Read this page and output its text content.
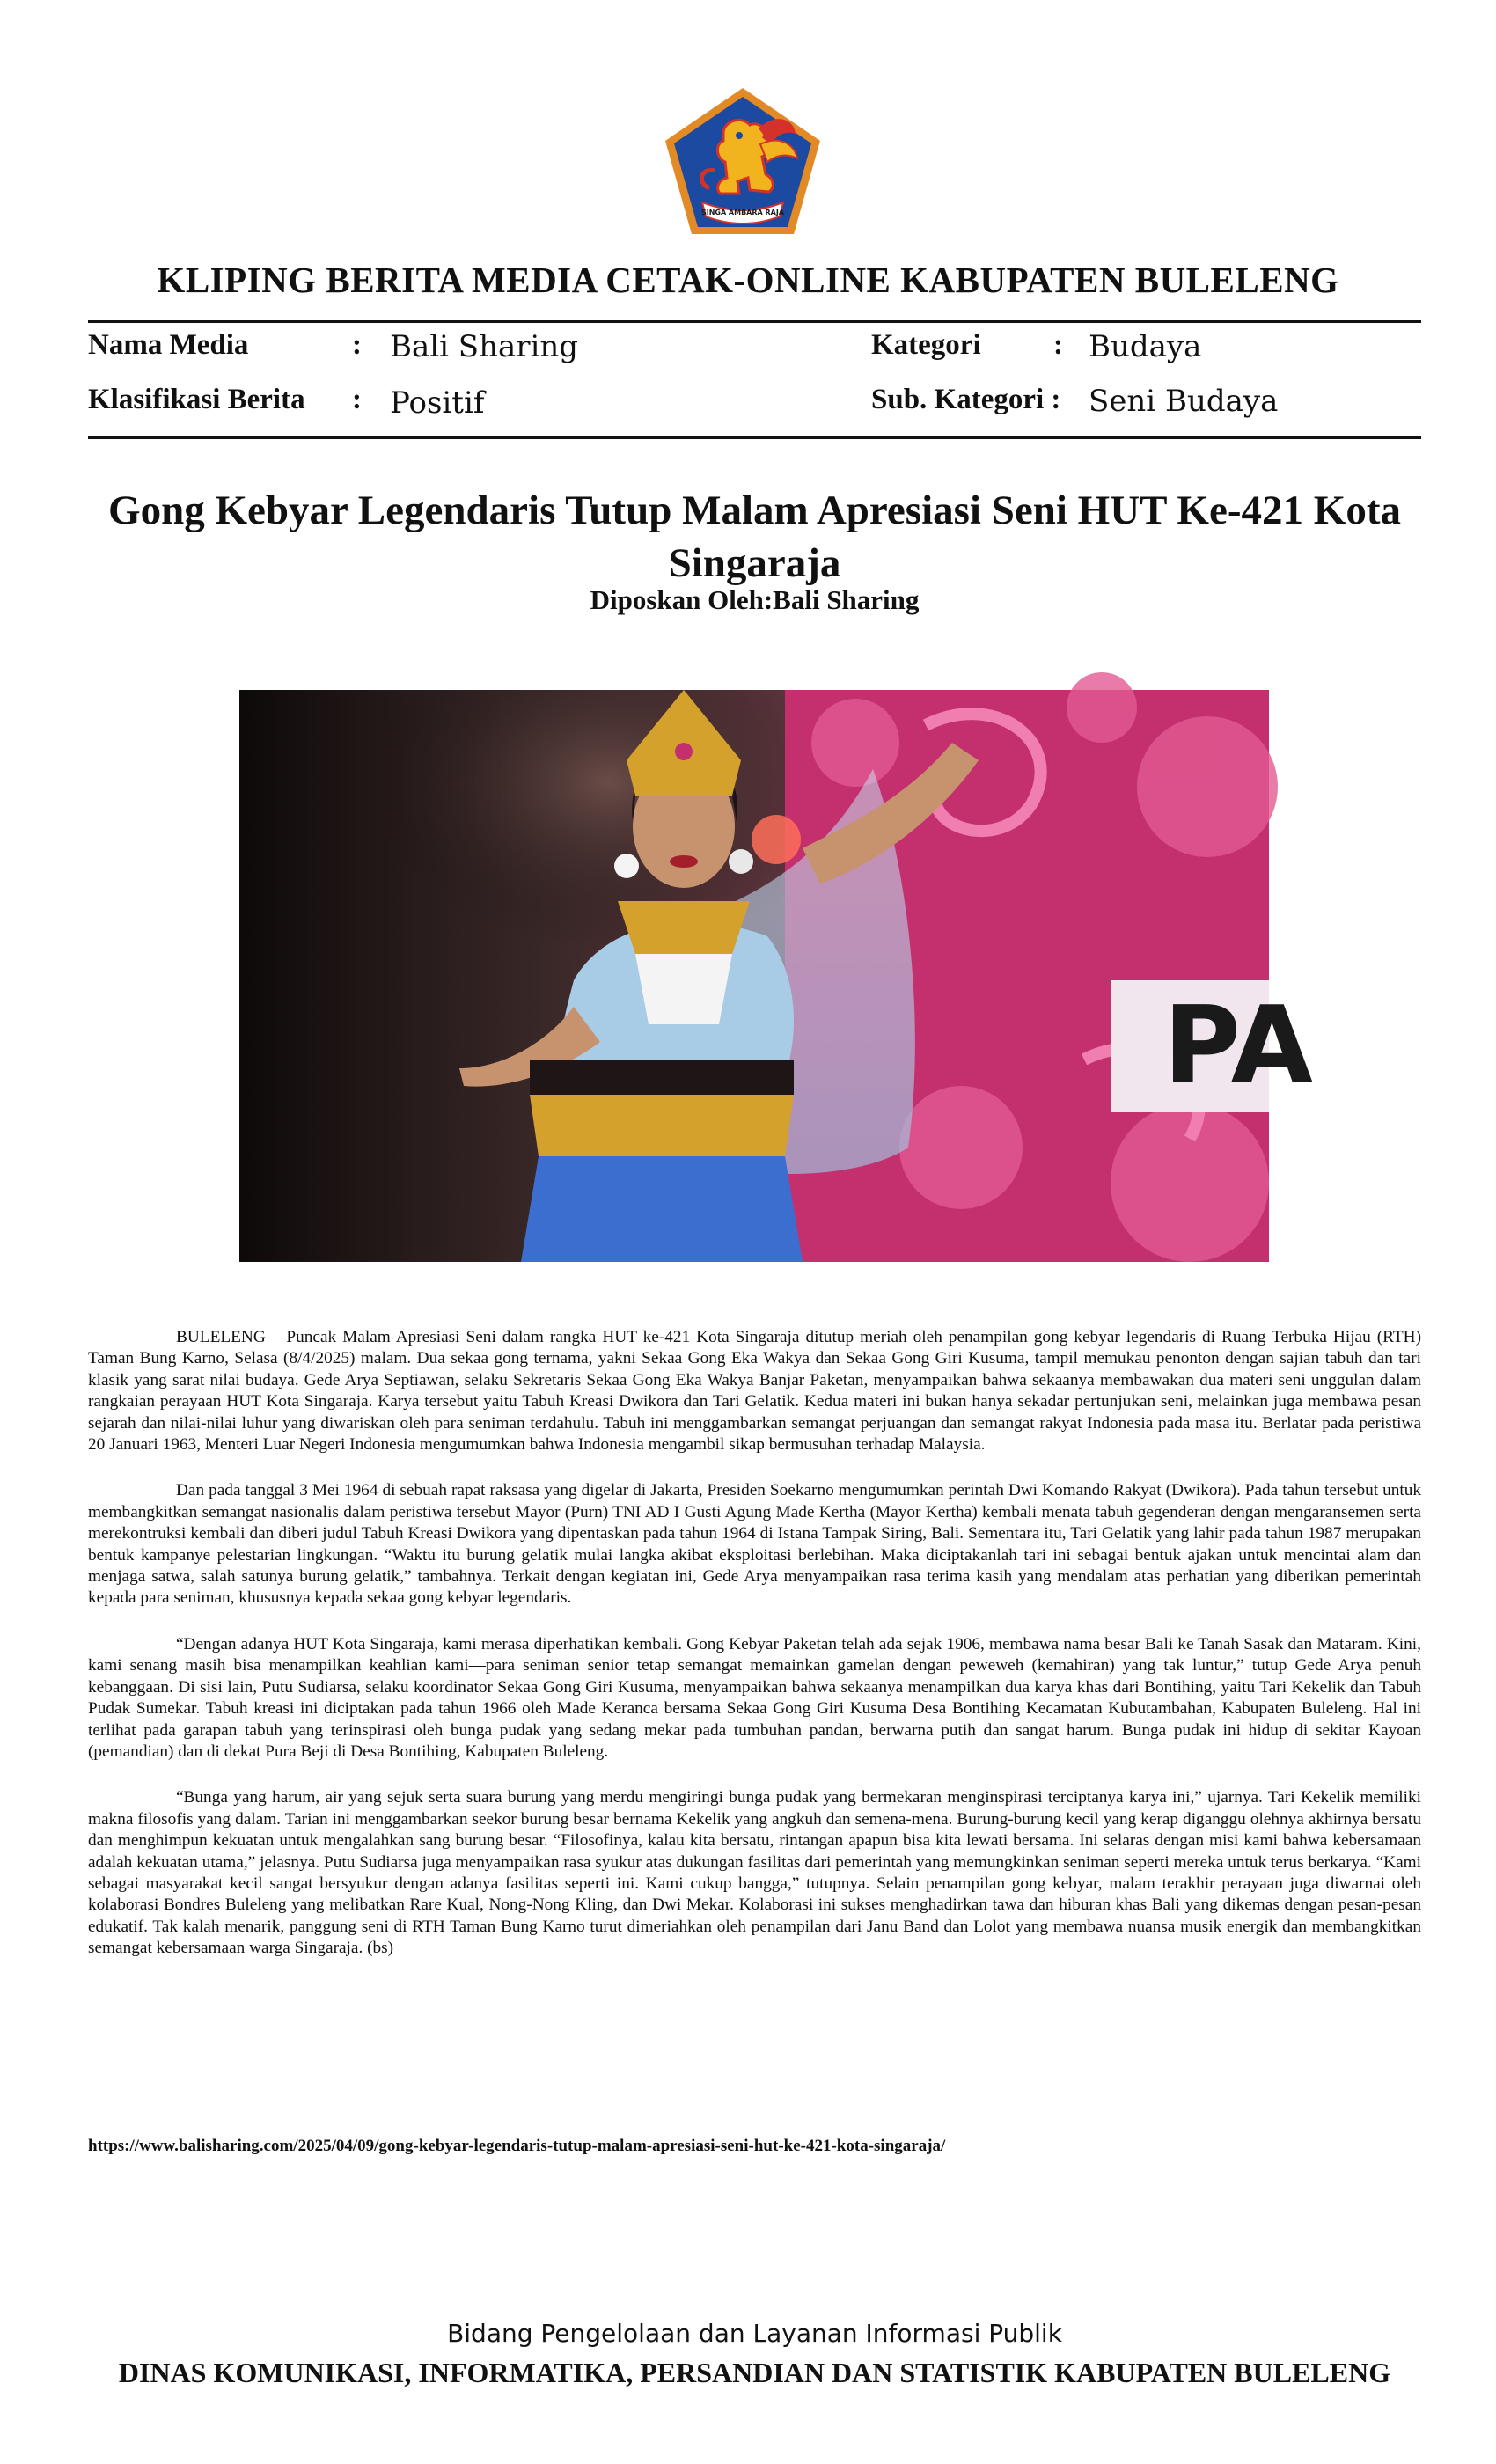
SINGA AMBARA RAJA
KLIPING BERITA MEDIA CETAK-ONLINE KABUPATEN BULELENG
Nama Media	: Bali Sharing	Kategori : Budaya
Klasifikasi Berita : Positif	Sub. Kategori : Seni Budaya
Gong Kebyar Legendaris Tutup Malam Apresiasi Seni HUT Ke-421 Kota Singaraja
Diposkan Oleh:Bali Sharing
PA

BULELENG – Puncak Malam Apresiasi Seni dalam rangka HUT ke-421 Kota Singaraja ditutup meriah oleh penampilan gong kebyar legendaris di Ruang Terbuka Hijau (RTH) Taman Bung Karno, Selasa (8/4/2025) malam. Dua sekaa gong ternama, yakni Sekaa Gong Eka Wakya dan Sekaa Gong Giri Kusuma, tampil memukau penonton dengan sajian tabuh dan tari klasik yang sarat nilai budaya. Gede Arya Septiawan, selaku Sekretaris Sekaa Gong Eka Wakya Banjar Paketan, menyampaikan bahwa sekaanya membawakan dua materi seni unggulan dalam rangkaian perayaan HUT Kota Singaraja. Karya tersebut yaitu Tabuh Kreasi Dwikora dan Tari Gelatik. Kedua materi ini bukan hanya sekadar pertunjukan seni, melainkan juga membawa pesan sejarah dan nilai-nilai luhur yang diwariskan oleh para seniman terdahulu. Tabuh ini menggambarkan semangat perjuangan dan semangat rakyat Indonesia pada masa itu. Berlatar pada peristiwa 20 Januari 1963, Menteri Luar Negeri Indonesia mengumumkan bahwa Indonesia mengambil sikap bermusuhan terhadap Malaysia.

Dan pada tanggal 3 Mei 1964 di sebuah rapat raksasa yang digelar di Jakarta, Presiden Soekarno mengumumkan perintah Dwi Komando Rakyat (Dwikora). Pada tahun tersebut untuk membangkitkan semangat nasionalis dalam peristiwa tersebut Mayor (Purn) TNI AD I Gusti Agung Made Kertha (Mayor Kertha) kembali menata tabuh gegenderan dengan mengaransemen serta merekontruksi kembali dan diberi judul Tabuh Kreasi Dwikora yang dipentaskan pada tahun 1964 di Istana Tampak Siring, Bali. Sementara itu, Tari Gelatik yang lahir pada tahun 1987 merupakan bentuk kampanye pelestarian lingkungan. “Waktu itu burung gelatik mulai langka akibat eksploitasi berlebihan. Maka diciptakanlah tari ini sebagai bentuk ajakan untuk mencintai alam dan menjaga satwa, salah satunya burung gelatik,” tambahnya. Terkait dengan kegiatan ini, Gede Arya menyampaikan rasa terima kasih yang mendalam atas perhatian yang diberikan pemerintah kepada para seniman, khususnya kepada sekaa gong kebyar legendaris.

“Dengan adanya HUT Kota Singaraja, kami merasa diperhatikan kembali. Gong Kebyar Paketan telah ada sejak 1906, membawa nama besar Bali ke Tanah Sasak dan Mataram. Kini, kami senang masih bisa menampilkan keahlian kami—para seniman senior tetap semangat memainkan gamelan dengan peweweh (kemahiran) yang tak luntur,” tutup Gede Arya penuh kebanggaan. Di sisi lain, Putu Sudiarsa, selaku koordinator Sekaa Gong Giri Kusuma, menyampaikan bahwa sekaanya menampilkan dua karya khas dari Bontihing, yaitu Tari Kekelik dan Tabuh Pudak Sumekar. Tabuh kreasi ini diciptakan pada tahun 1966 oleh Made Keranca bersama Sekaa Gong Giri Kusuma Desa Bontihing Kecamatan Kubutambahan, Kabupaten Buleleng. Hal ini terlihat pada garapan tabuh yang terinspirasi oleh bunga pudak yang sedang mekar pada tumbuhan pandan, berwarna putih dan sangat harum. Bunga pudak ini hidup di sekitar Kayoan (pemandian) dan di dekat Pura Beji di Desa Bontihing, Kabupaten Buleleng.

“Bunga yang harum, air yang sejuk serta suara burung yang merdu mengiringi bunga pudak yang bermekaran menginspirasi terciptanya karya ini,” ujarnya. Tari Kekelik memiliki makna filosofis yang dalam. Tarian ini menggambarkan seekor burung besar bernama Kekelik yang angkuh dan semena-mena. Burung-burung kecil yang kerap diganggu olehnya akhirnya bersatu dan menghimpun kekuatan untuk mengalahkan sang burung besar. “Filosofinya, kalau kita bersatu, rintangan apapun bisa kita lewati bersama. Ini selaras dengan misi kami bahwa kebersamaan adalah kekuatan utama,” jelasnya. Putu Sudiarsa juga menyampaikan rasa syukur atas dukungan fasilitas dari pemerintah yang memungkinkan seniman seperti mereka untuk terus berkarya. “Kami sebagai masyarakat kecil sangat bersyukur dengan adanya fasilitas seperti ini. Kami cukup bangga,” tutupnya. Selain penampilan gong kebyar, malam terakhir perayaan juga diwarnai oleh kolaborasi Bondres Buleleng yang melibatkan Rare Kual, Nong-Nong Kling, dan Dwi Mekar. Kolaborasi ini sukses menghadirkan tawa dan hiburan khas Bali yang dikemas dengan pesan-pesan edukatif. Tak kalah menarik, panggung seni di RTH Taman Bung Karno turut dimeriahkan oleh penampilan dari Janu Band dan Lolot yang membawa nuansa musik energik dan membangkitkan semangat kebersamaan warga Singaraja. (bs)

https://www.balisharing.com/2025/04/09/gong-kebyar-legendaris-tutup-malam-apresiasi-seni-hut-ke-421-kota-singaraja/
Bidang Pengelolaan dan Layanan Informasi Publik
DINAS KOMUNIKASI, INFORMATIKA, PERSANDIAN DAN STATISTIK KABUPATEN BULELENG
